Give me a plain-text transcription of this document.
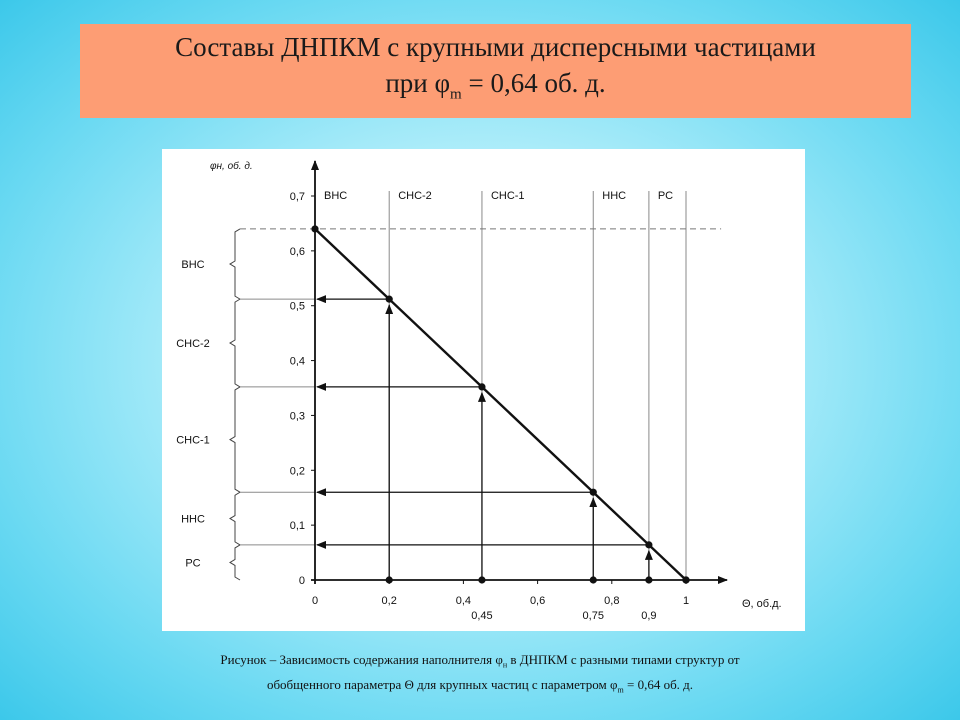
Составы ДНПКМ с крупными дисперсными частицами
при $\varphi_m = 0,64$ об. д.
φн, об. д.
Θ, об.д.
0
0,1
0,2
0,3
0,4
0,5
0,6
0,7
0	0,2	0,4	0,6	0,8	1
0,45	0,75	0,9
ВНС	СНС-2	СНС-1	ННС	РС
ВНС
СНС-2
СНС-1
ННС
РС
Рисунок – Зависимость содержания наполнителя $\varphi_н$ в ДНПКМ с разными типами структур от
обобщенного параметра Θ для крупных частиц с параметром $\varphi_m = 0,64$ об. д.
